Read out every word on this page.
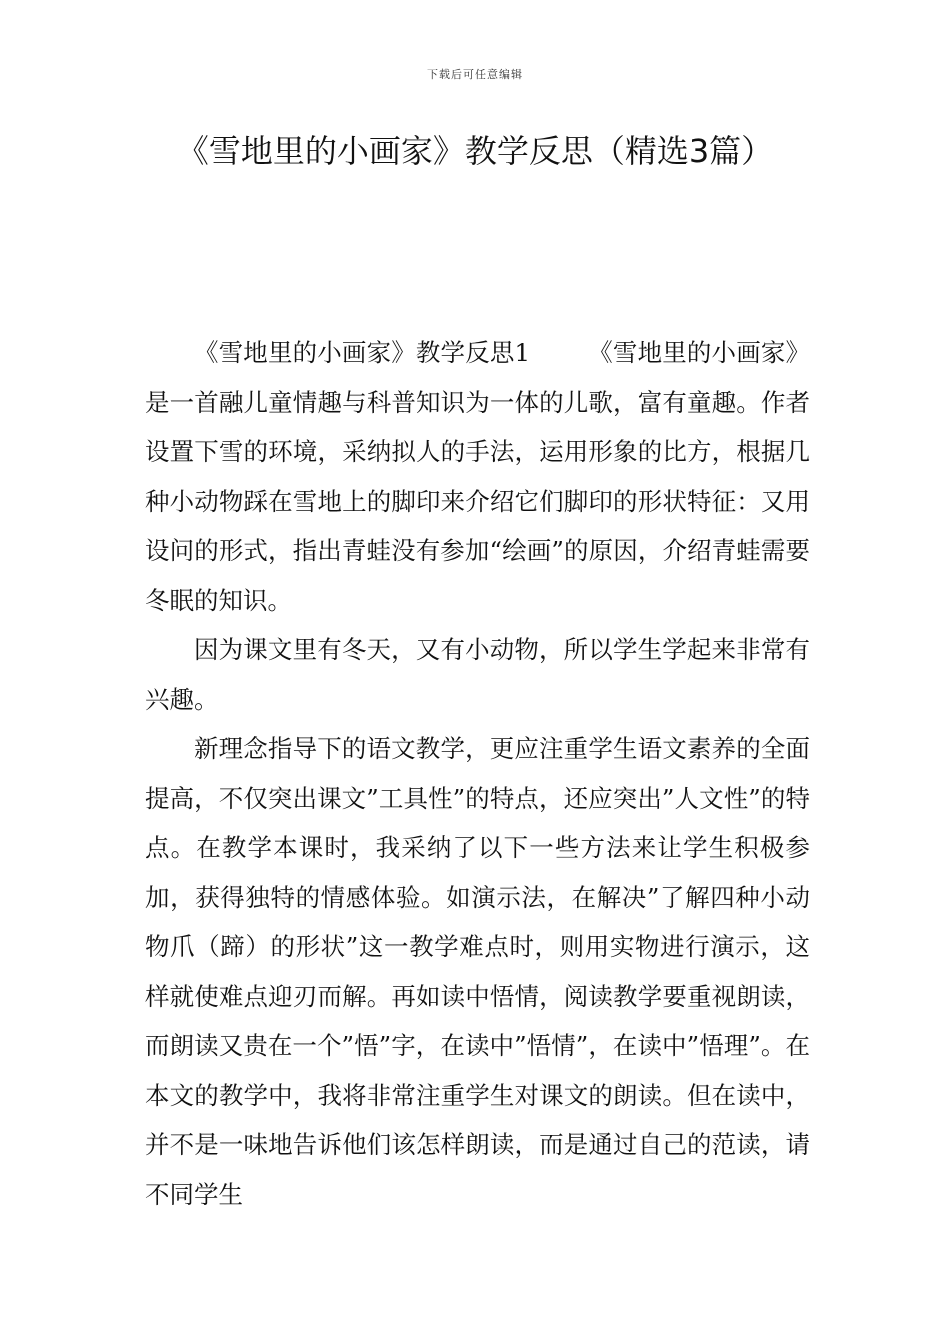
下载后可任意编辑
《雪地里的小画家》教学反思（精选3篇）

《雪地里的小画家》教学反思1 《雪地里的小画家》是一首融儿童情趣与科普知识为一体的儿歌，富有童趣。作者设置下雪的环境，采纳拟人的手法，运用形象的比方，根据几种小动物踩在雪地上的脚印来介绍它们脚印的形状特征：又用设问的形式，指出青蛙没有参加“绘画”的原因，介绍青蛙需要冬眠的知识。

因为课文里有冬天，又有小动物，所以学生学起来非常有兴趣。

新理念指导下的语文教学，更应注重学生语文素养的全面提高，不仅突出课文”工具性”的特点，还应突出”人文性”的特点。在教学本课时，我采纳了以下一些方法来让学生积极参加，获得独特的情感体验。如演示法，在解决”了解四种小动物爪（蹄）的形状”这一教学难点时，则用实物进行演示，这样就使难点迎刃而解。再如读中悟情，阅读教学要重视朗读，而朗读又贵在一个”悟”字，在读中”悟情”，在读中”悟理”。在本文的教学中，我将非常注重学生对课文的朗读。但在读中，并不是一味地告诉他们该怎样朗读，而是通过自己的范读，请不同学生
